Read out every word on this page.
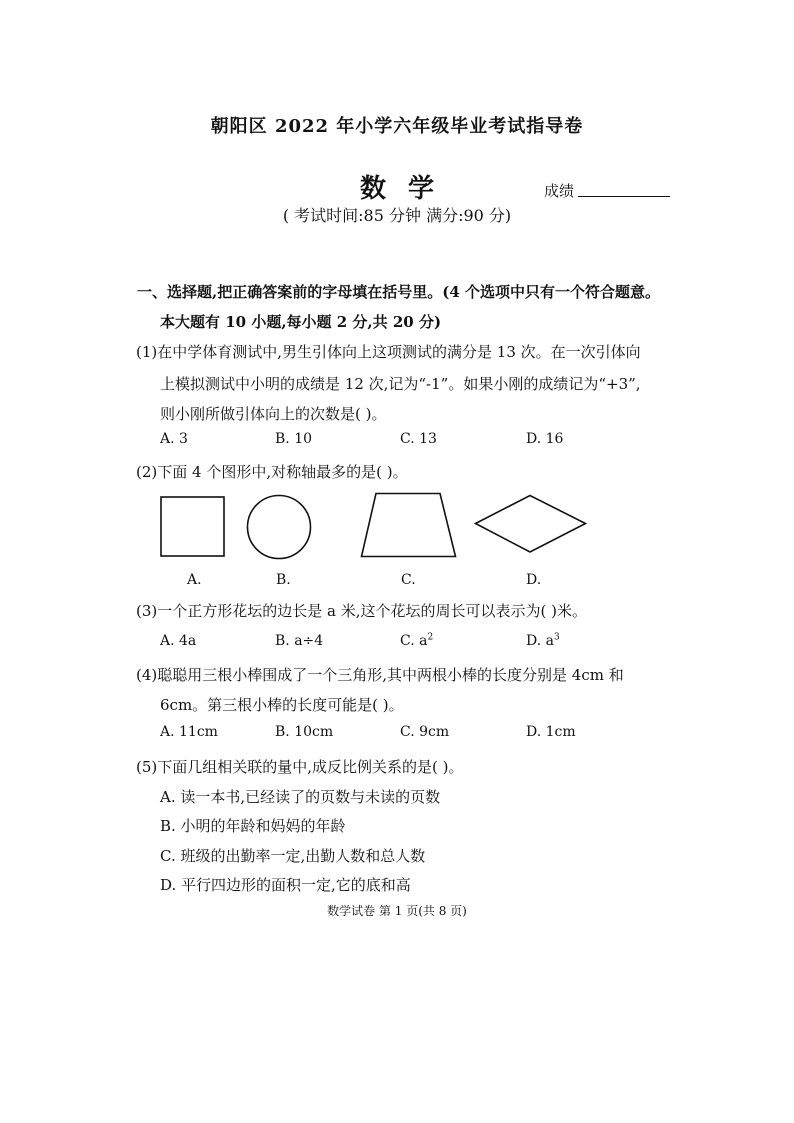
朝阳区 2022 年小学六年级毕业考试指导卷
数学	成绩
( 考试时间:85 分钟 满分:90 分)
一、选择题,把正确答案前的字母填在括号里。(4 个选项中只有一个符合题意。
本大题有 10 小题,每小题 2 分,共 20 分)
(1)在中学体育测试中,男生引体向上这项测试的满分是 13 次。在一次引体向
上模拟测试中小明的成绩是 12 次,记为“-1”。如果小刚的成绩记为“+3”,
则小刚所做引体向上的次数是( )。
A. 3	B. 10	C. 13	D. 16
(2)下面 4 个图形中,对称轴最多的是( )。
A.	B.	C.	D.
(3)一个正方形花坛的边长是 a 米,这个花坛的周长可以表示为( )米。
A. 4a	B. a÷4	C. $a^2$	D. $a^3$
(4)聪聪用三根小棒围成了一个三角形,其中两根小棒的长度分别是 4cm 和
6cm。第三根小棒的长度可能是( )。
A. 11cm	B. 10cm	C. 9cm	D. 1cm
(5)下面几组相关联的量中,成反比例关系的是( )。
A. 读一本书,已经读了的页数与未读的页数
B. 小明的年龄和妈妈的年龄
C. 班级的出勤率一定,出勤人数和总人数
D. 平行四边形的面积一定,它的底和高
数学试卷 第 1 页(共 8 页)
